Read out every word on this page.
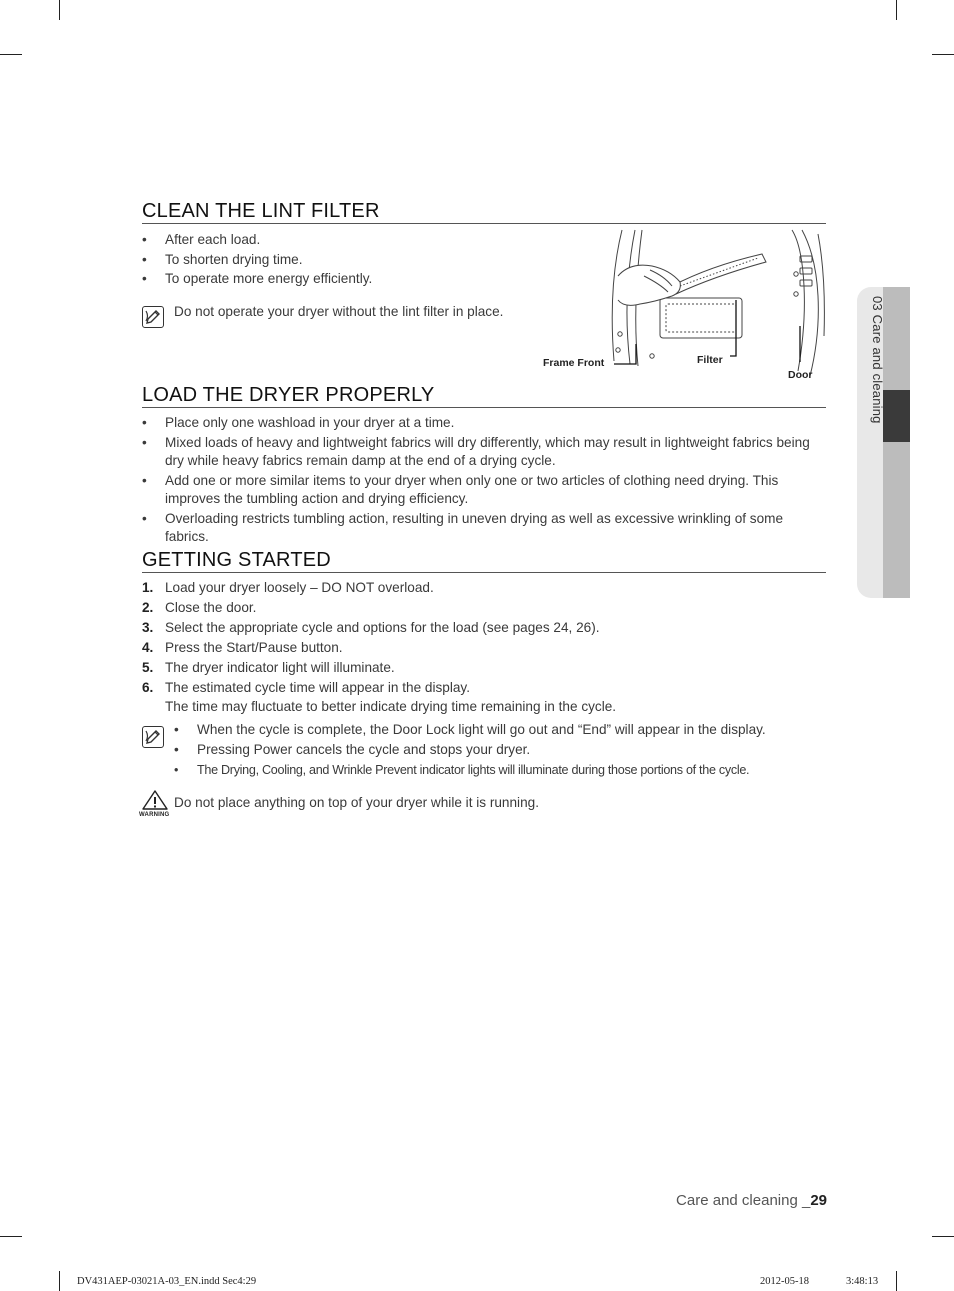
03 Care and cleaning
CLEAN THE LINT FILTER
• After each load.
• To shorten drying time.
• To operate more energy efficiently.
Do not operate your dryer without the lint filter in place.
Frame Front	Filter
Door
LOAD THE DRYER PROPERLY
• Place only one washload in your dryer at a time.
• Mixed loads of heavy and lightweight fabrics will dry differently, which may result in lightweight fabrics being dry while heavy fabrics remain damp at the end of a drying cycle.
• Add one or more similar items to your dryer when only one or two articles of clothing need drying. This improves the tumbling action and drying efficiency.
• Overloading restricts tumbling action, resulting in uneven drying as well as excessive wrinkling of some fabrics.
GETTING STARTED
1. Load your dryer loosely – DO NOT overload.
2. Close the door.
3. Select the appropriate cycle and options for the load (see pages 24, 26).
4. Press the Start/Pause button.
5. The dryer indicator light will illuminate.
6. The estimated cycle time will appear in the display.
The time may fluctuate to better indicate drying time remaining in the cycle.
• When the cycle is complete, the Door Lock light will go out and “End” will appear in the display.
• Pressing Power cancels the cycle and stops your dryer.
• The Drying, Cooling, and Wrinkle Prevent indicator lights will illuminate during those portions of the cycle.
WARNING
Do not place anything on top of your dryer while it is running.
Care and cleaning _29
DV431AEP-03021A-03_EN.indd Sec4:29	2012-05-18	3:48:13
